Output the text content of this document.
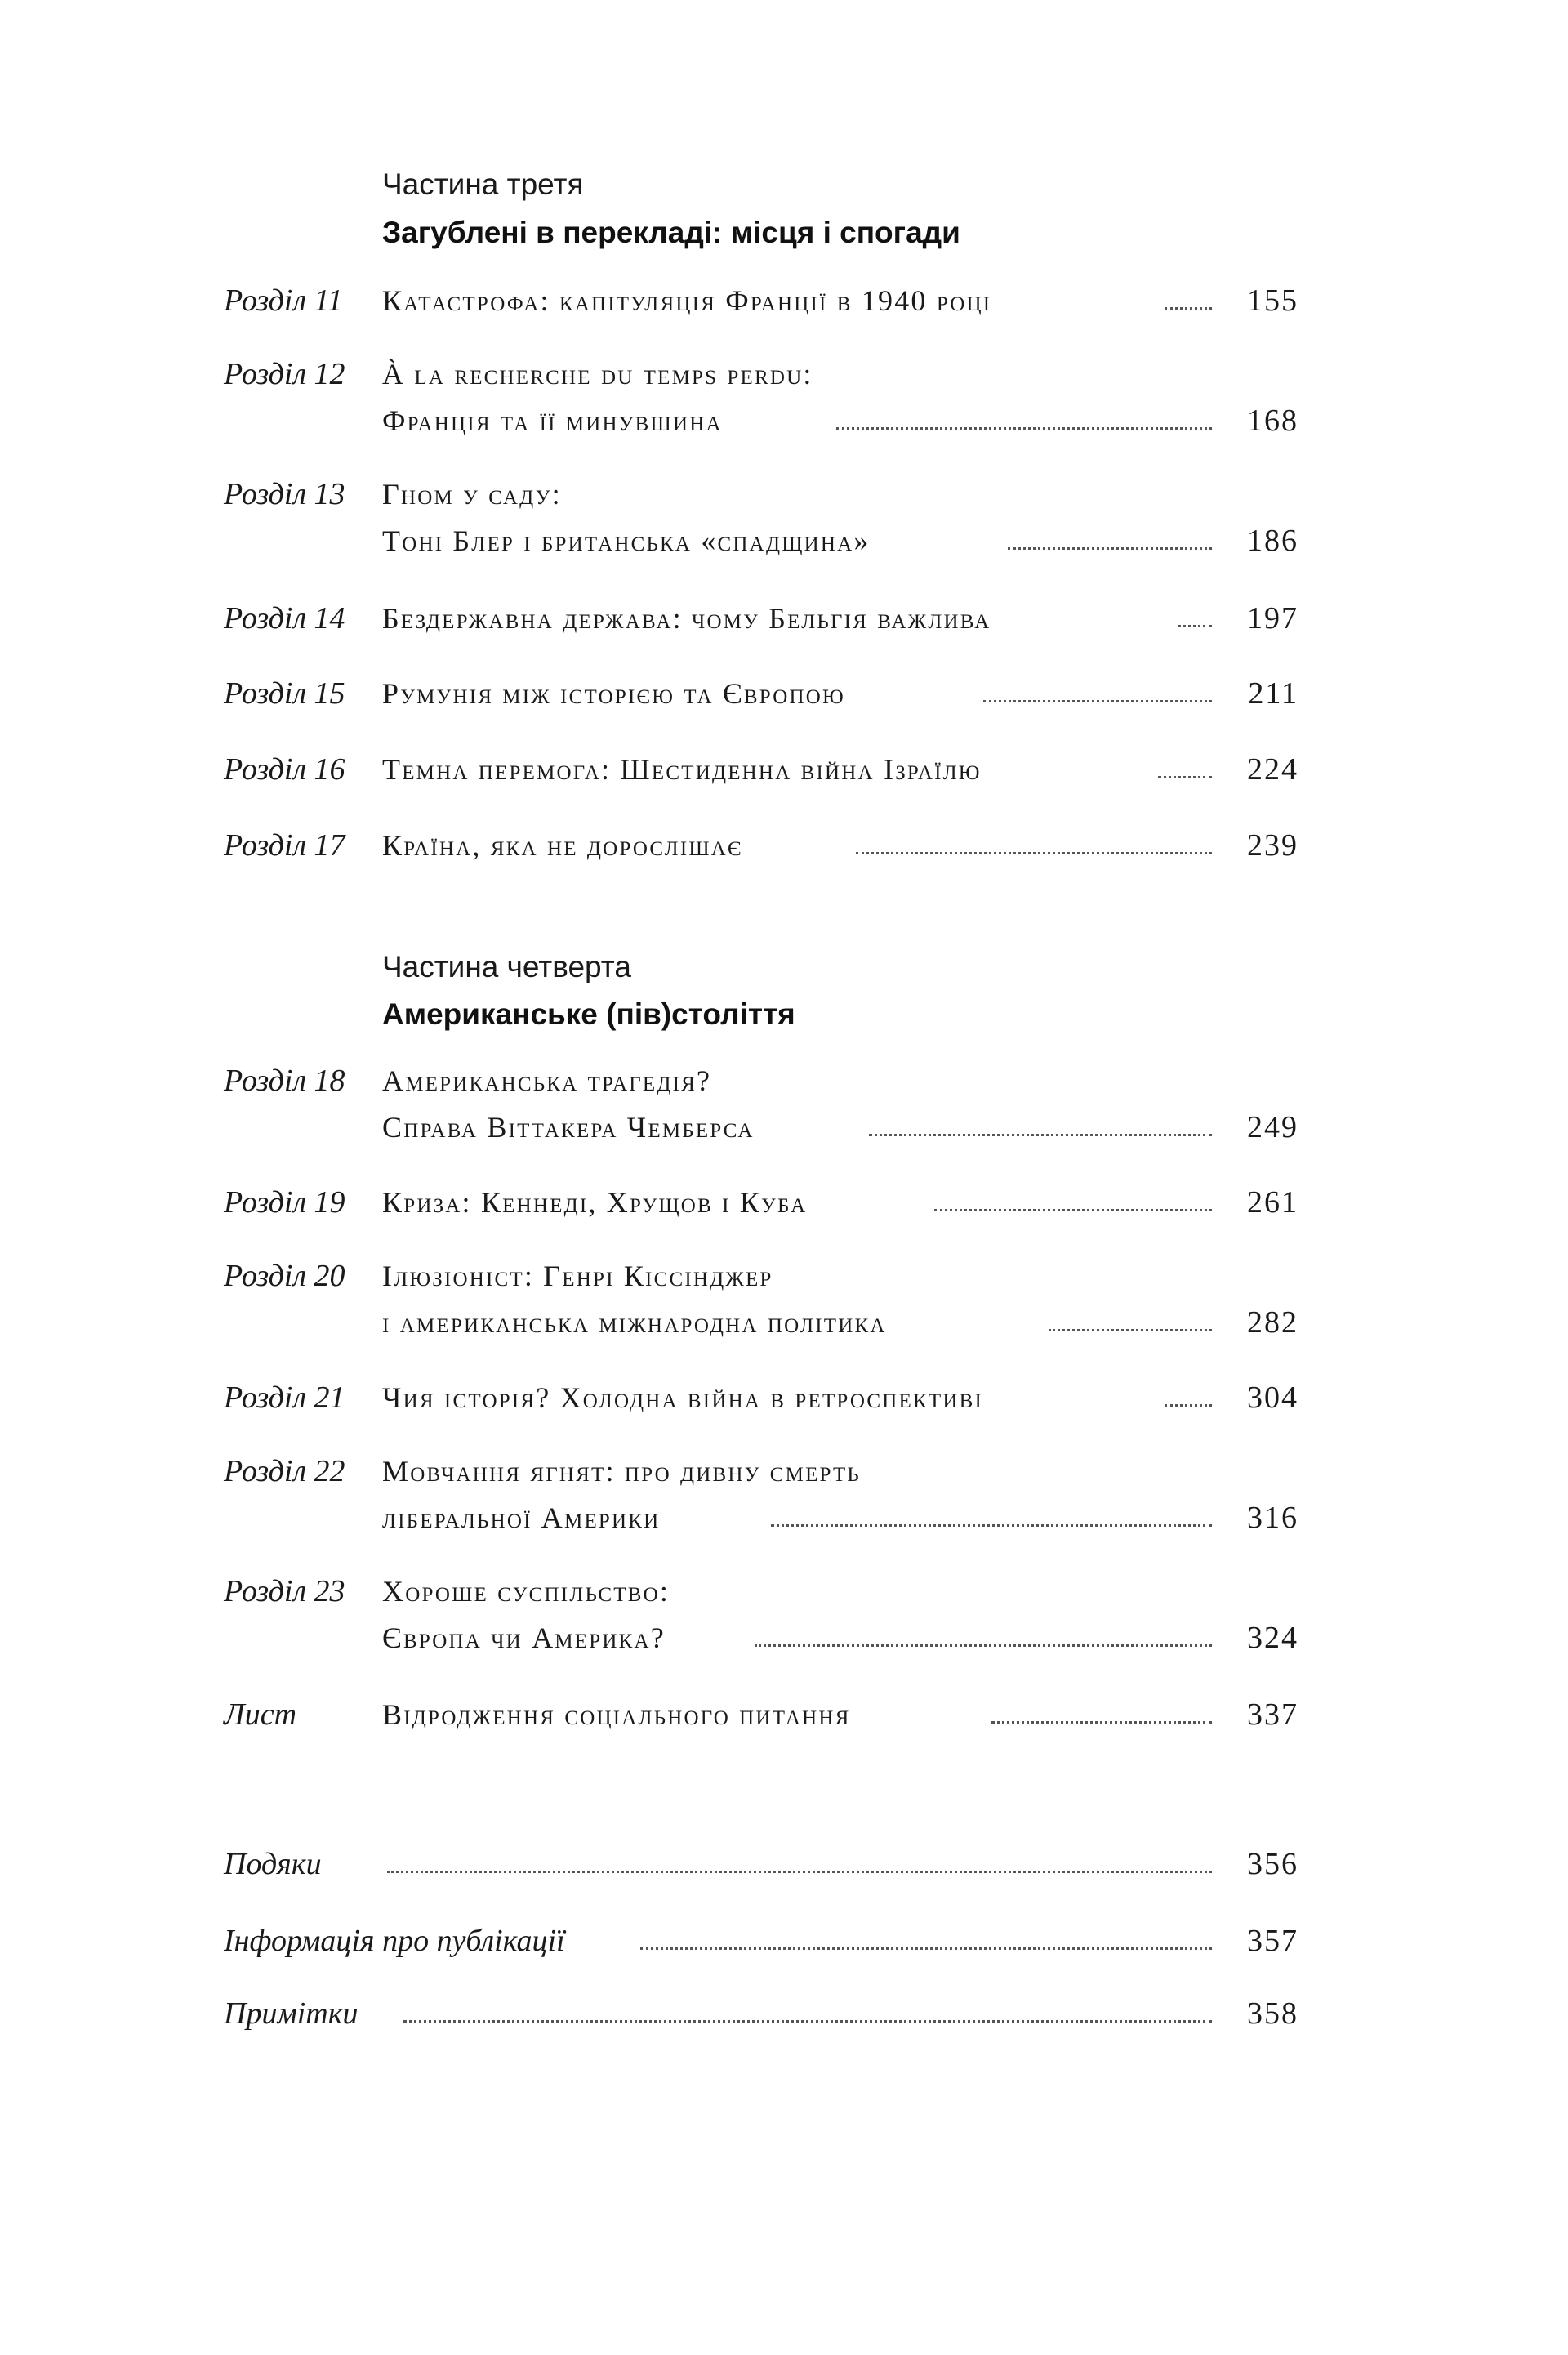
Частина третя
Загублені в перекладі: місця і спогади
Розділ 11 Катастрофа: капітуляція Франції в 1940 році	155
Розділ 12 À la recherche du temps perdu:
Франція та її минувшина	168
Розділ 13 Гном у саду:
Тоні Блер і британська «спадщина»	186
Розділ 14 Бездержавна держава: чому Бельгія важлива	197
Розділ 15 Румунія між історією та Європою	211
Розділ 16 Темна перемога: Шестиденна війна Ізраїлю	224
Розділ 17 Країна, яка не дорослішає	239
Частина четверта
Американське (пів)століття
Розділ 18 Американська трагедія?
Справа Віттакера Чемберса	249
Розділ 19 Криза: Кеннеді, Хрущов і Куба	261
Розділ 20 Ілюзіоніст: Генрі Кіссінджер
і американська міжнародна політика	282
Розділ 21 Чия історія? Холодна війна в ретроспективі	304
Розділ 22 Мовчання ягнят: про дивну смерть
ліберальної Америки	316
Розділ 23 Хороше суспільство:
Європа чи Америка?	324
Лист	Відродження соціального питання	337
Подяки	356
Інформація про публікації	357
Примітки	358
